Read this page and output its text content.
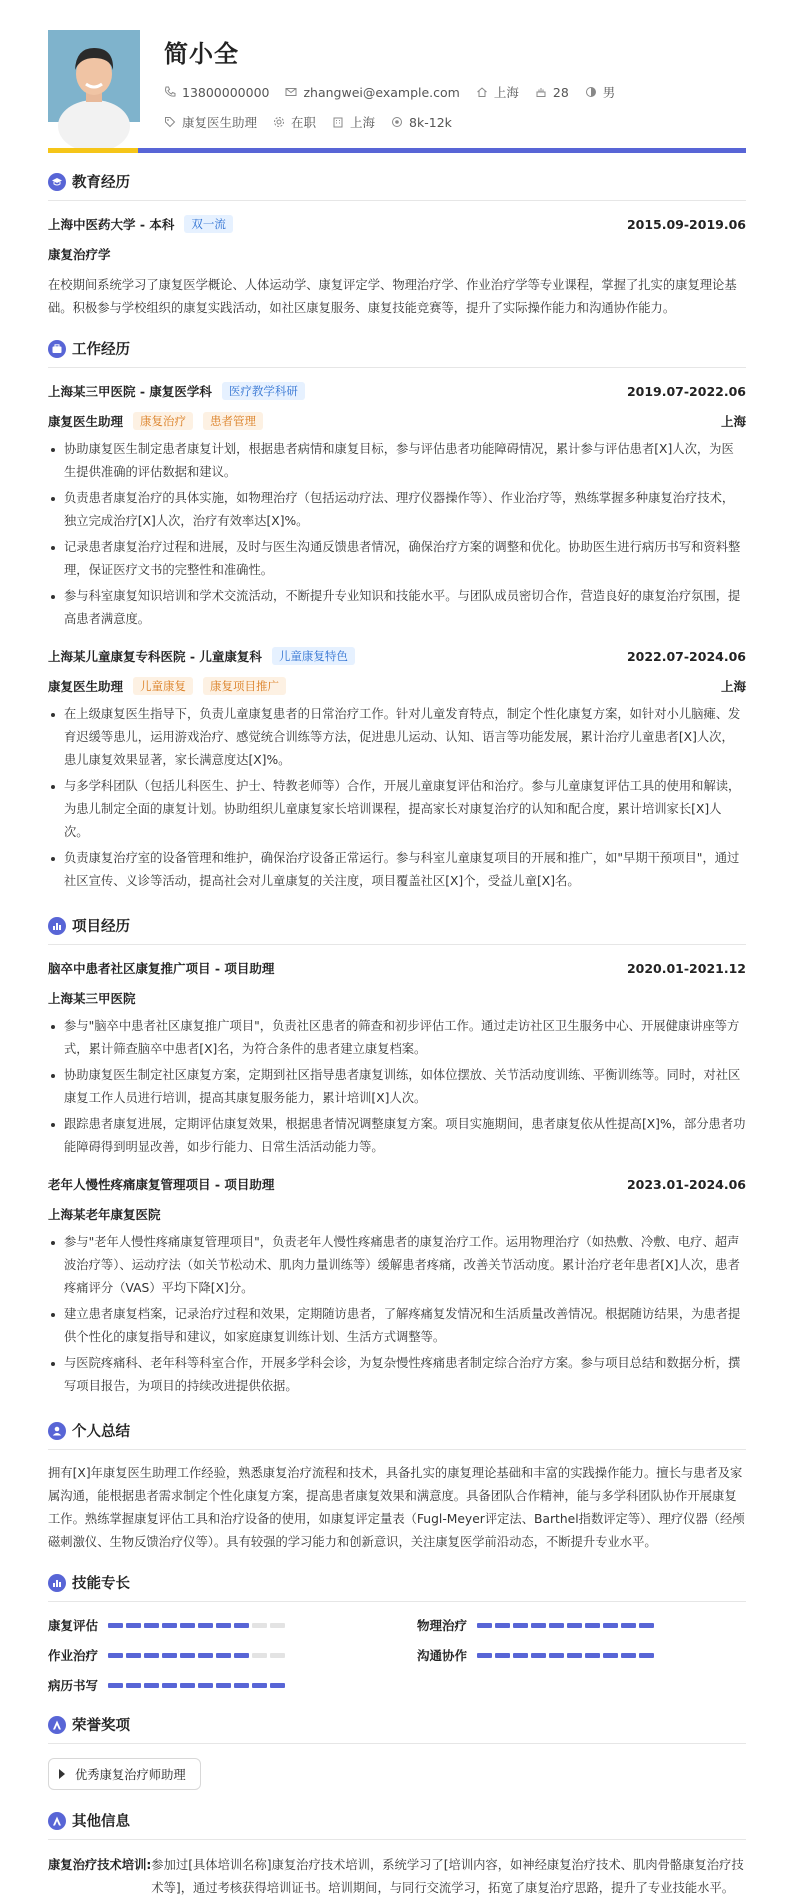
简小全
13800000000	zhangwei@example.com	上海	28	男
康复医生助理	在职	上海	8k-12k
教育经历
上海中医药大学 - 本科	双一流	2015.09-2019.06
康复治疗学
在校期间系统学习了康复医学概论、人体运动学、康复评定学、物理治疗学、作业治疗学等专业课程，掌握了扎实的康复理论基础。积极参与学校组织的康复实践活动，如社区康复服务、康复技能竞赛等，提升了实际操作能力和沟通协作能力。
工作经历
上海某三甲医院 - 康复医学科	医疗教学科研	2019.07-2022.06
康复医生助理	康复治疗	患者管理	上海
协助康复医生制定患者康复计划，根据患者病情和康复目标，参与评估患者功能障碍情况，累计参与评估患者[X]人次，为医生提供准确的评估数据和建议。
负责患者康复治疗的具体实施，如物理治疗（包括运动疗法、理疗仪器操作等）、作业治疗等，熟练掌握多种康复治疗技术，独立完成治疗[X]人次，治疗有效率达[X]%。
记录患者康复治疗过程和进展，及时与医生沟通反馈患者情况，确保治疗方案的调整和优化。协助医生进行病历书写和资料整理，保证医疗文书的完整性和准确性。
参与科室康复知识培训和学术交流活动，不断提升专业知识和技能水平。与团队成员密切合作，营造良好的康复治疗氛围，提高患者满意度。
上海某儿童康复专科医院 - 儿童康复科	儿童康复特色	2022.07-2024.06
康复医生助理	儿童康复	康复项目推广	上海
在上级康复医生指导下，负责儿童康复患者的日常治疗工作。针对儿童发育特点，制定个性化康复方案，如针对小儿脑瘫、发育迟缓等患儿，运用游戏治疗、感觉统合训练等方法，促进患儿运动、认知、语言等功能发展，累计治疗儿童患者[X]人次，患儿康复效果显著，家长满意度达[X]%。
与多学科团队（包括儿科医生、护士、特教老师等）合作，开展儿童康复评估和治疗。参与儿童康复评估工具的使用和解读，为患儿制定全面的康复计划。协助组织儿童康复家长培训课程，提高家长对康复治疗的认知和配合度，累计培训家长[X]人次。
负责康复治疗室的设备管理和维护，确保治疗设备正常运行。参与科室儿童康复项目的开展和推广，如"早期干预项目"，通过社区宣传、义诊等活动，提高社会对儿童康复的关注度，项目覆盖社区[X]个，受益儿童[X]名。
项目经历
脑卒中患者社区康复推广项目 - 项目助理	2020.01-2021.12
上海某三甲医院
参与"脑卒中患者社区康复推广项目"，负责社区患者的筛查和初步评估工作。通过走访社区卫生服务中心、开展健康讲座等方式，累计筛查脑卒中患者[X]名，为符合条件的患者建立康复档案。
协助康复医生制定社区康复方案，定期到社区指导患者康复训练，如体位摆放、关节活动度训练、平衡训练等。同时，对社区康复工作人员进行培训，提高其康复服务能力，累计培训[X]人次。
跟踪患者康复进展，定期评估康复效果，根据患者情况调整康复方案。项目实施期间，患者康复依从性提高[X]%，部分患者功能障碍得到明显改善，如步行能力、日常生活活动能力等。
老年人慢性疼痛康复管理项目 - 项目助理	2023.01-2024.06
上海某老年康复医院
参与"老年人慢性疼痛康复管理项目"，负责老年人慢性疼痛患者的康复治疗工作。运用物理治疗（如热敷、冷敷、电疗、超声波治疗等）、运动疗法（如关节松动术、肌肉力量训练等）缓解患者疼痛，改善关节活动度。累计治疗老年患者[X]人次，患者疼痛评分（VAS）平均下降[X]分。
建立患者康复档案，记录治疗过程和效果，定期随访患者，了解疼痛复发情况和生活质量改善情况。根据随访结果，为患者提供个性化的康复指导和建议，如家庭康复训练计划、生活方式调整等。
与医院疼痛科、老年科等科室合作，开展多学科会诊，为复杂慢性疼痛患者制定综合治疗方案。参与项目总结和数据分析，撰写项目报告，为项目的持续改进提供依据。
个人总结
拥有[X]年康复医生助理工作经验，熟悉康复治疗流程和技术，具备扎实的康复理论基础和丰富的实践操作能力。擅长与患者及家属沟通，能根据患者需求制定个性化康复方案，提高患者康复效果和满意度。具备团队合作精神，能与多学科团队协作开展康复工作。熟练掌握康复评估工具和治疗设备的使用，如康复评定量表（Fugl-Meyer评定法、Barthel指数评定等）、理疗仪器（经颅磁刺激仪、生物反馈治疗仪等）。具有较强的学习能力和创新意识，关注康复医学前沿动态，不断提升专业水平。
技能专长
康复评估	物理治疗
作业治疗	沟通协作
病历书写
荣誉奖项
优秀康复治疗师助理
其他信息
康复治疗技术培训: 参加过[具体培训名称]康复治疗技术培训，系统学习了[培训内容，如神经康复治疗技术、肌肉骨骼康复治疗技术等]，通过考核获得培训证书。培训期间，与同行交流学习，拓宽了康复治疗思路，提升了专业技能水平。
